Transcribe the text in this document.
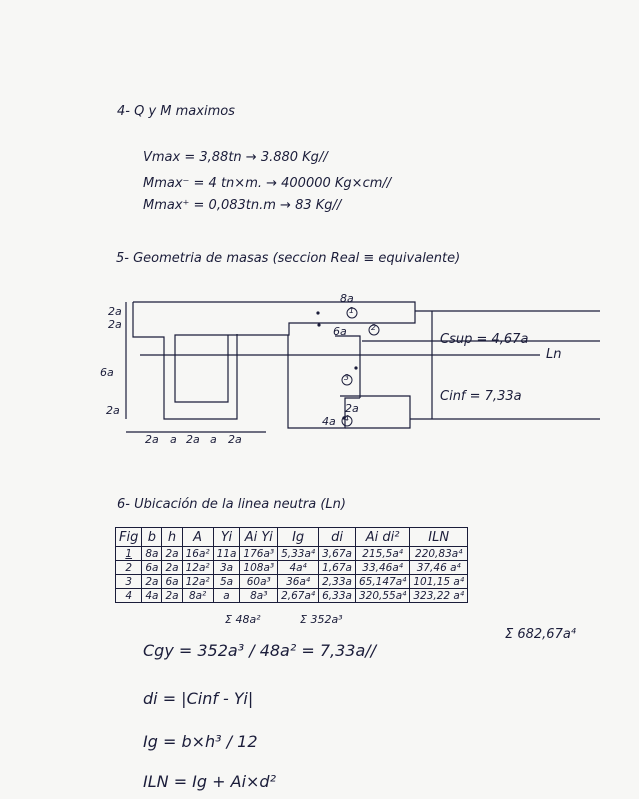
4- Q y M maximos
Vmax = 3,88tn → 3.880 Kg//
Mmax⁻ = 4 tn×m. → 400000 Kg×cm//
Mmax⁺ = 0,083tn.m → 83 Kg//
5- Geometria de masas (seccion Real ≡ equivalente)
8a
6a
4a
2a
2a
2a
6a
2a
2a a 2a a 2a
Csup = 4,67a
Cinf = 7,33a
Ln
1
2
3
4
6- Ubicación de la linea neutra (Ln)
Fig	b	h	A	Yi	Ai Yi	Ig	di	Ai di²	ILN
1	8a	2a	16a²	11a	176a³	5,33a⁴	3,67a	215,5a⁴	220,83a⁴
2	6a	2a	12a²	3a	108a³	4a⁴	1,67a	33,46a⁴	37,46 a⁴
3	2a	6a	12a²	5a	60a³	36a⁴	2,33a	65,147a⁴	101,15 a⁴
4	4a	2a	8a²	a	8a³	2,67a⁴	6,33a	320,55a⁴	323,22 a⁴
Σ 48a²	Σ 352a³
Σ 682,67a⁴
Cgy = 352a³ / 48a² = 7,33a//
di = |Cinf - Yi|
Ig = b×h³ / 12
ILN = Ig + Ai×d²
